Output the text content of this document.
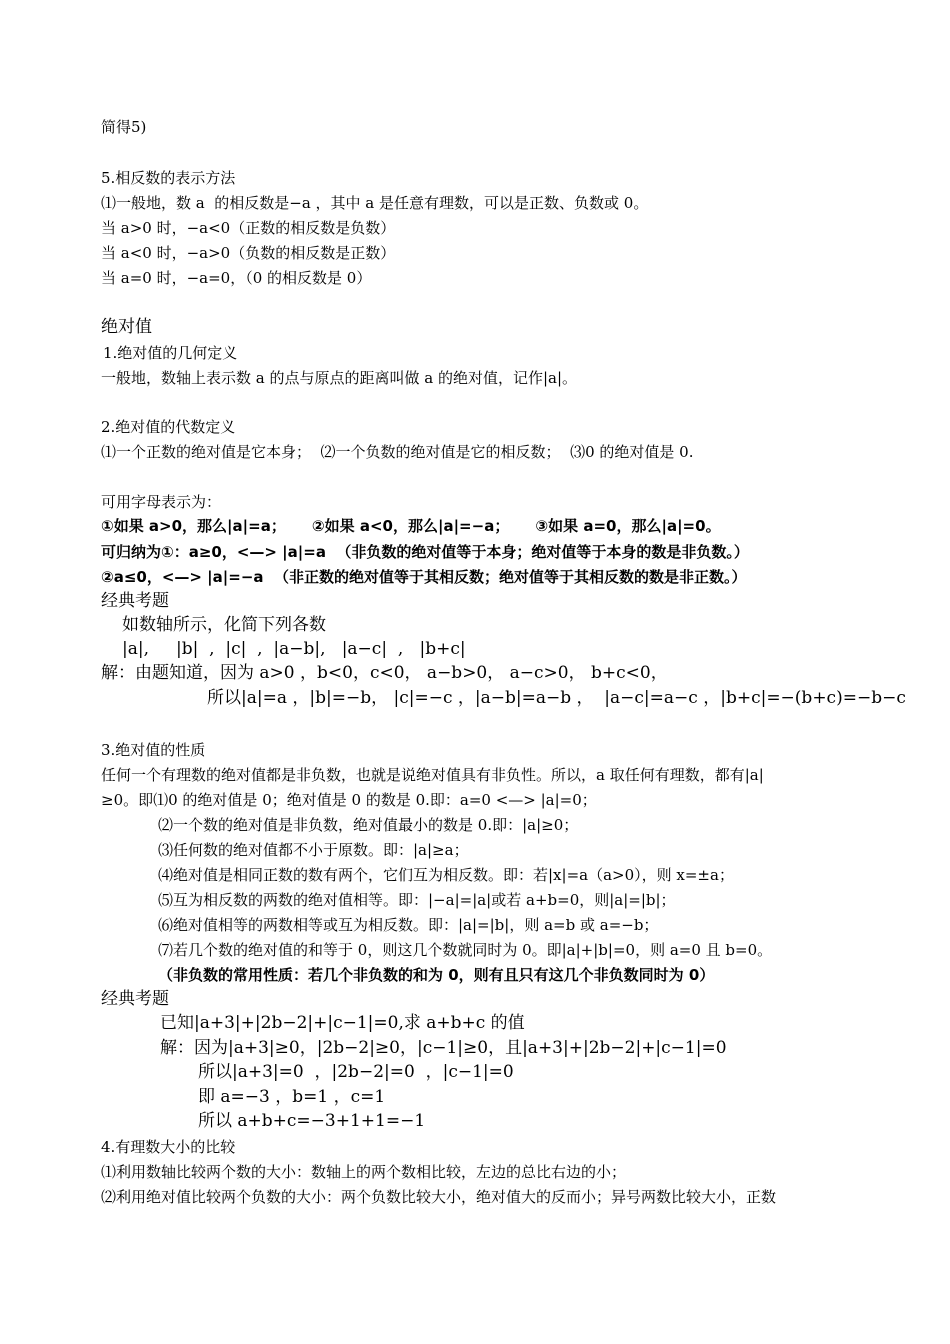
简得5)
5.相反数的表示方法
⑴一般地，数 a  的相反数是−a ，其中 a 是任意有理数，可以是正数、负数或 0。
当 a>0 时，−a<0（正数的相反数是负数）
当 a<0 时，−a>0（负数的相反数是正数）
当 a=0 时，−a=0，（0 的相反数是 0）
绝对值
1.绝对值的几何定义
一般地，数轴上表示数 a 的点与原点的距离叫做 a 的绝对值，记作|a|。
2.绝对值的代数定义
⑴一个正数的绝对值是它本身；  ⑵一个负数的绝对值是它的相反数；  ⑶0 的绝对值是 0.
可用字母表示为：
①如果 a>0，那么|a|=a；     ②如果 a<0，那么|a|=−a；     ③如果 a=0，那么|a|=0。
可归纳为①：a≥0，<—> |a|=a  （非负数的绝对值等于本身；绝对值等于本身的数是非负数。）
②a≤0，<—> |a|=−a  （非正数的绝对值等于其相反数；绝对值等于其相反数的数是非正数。）
经典考题
如数轴所示，化简下列各数
|a|,     |b|  ,  |c|  ,  |a−b|,   |a−c|  ,   |b+c|
解：由题知道，因为 a>0 ，b<0，c<0， a−b>0， a−c>0， b+c<0，
所以|a|=a ，|b|=−b， |c|=−c ，|a−b|=a−b ，  |a−c|=a−c ，|b+c|=−(b+c)=−b−c
3.绝对值的性质
任何一个有理数的绝对值都是非负数，也就是说绝对值具有非负性。所以，a 取任何有理数，都有|a|
≥0。即⑴0 的绝对值是 0；绝对值是 0 的数是 0.即：a=0 <—> |a|=0；
⑵一个数的绝对值是非负数，绝对值最小的数是 0.即：|a|≥0；
⑶任何数的绝对值都不小于原数。即：|a|≥a；
⑷绝对值是相同正数的数有两个，它们互为相反数。即：若|x|=a（a>0），则 x=±a；
⑸互为相反数的两数的绝对值相等。即：|−a|=|a|或若 a+b=0，则|a|=|b|；
⑹绝对值相等的两数相等或互为相反数。即：|a|=|b|，则 a=b 或 a=−b；
⑺若几个数的绝对值的和等于 0，则这几个数就同时为 0。即|a|+|b|=0，则 a=0 且 b=0。
（非负数的常用性质：若几个非负数的和为 0，则有且只有这几个非负数同时为 0）
经典考题
已知|a+3|+|2b−2|+|c−1|=0,求 a+b+c 的值
解：因为|a+3|≥0，|2b−2|≥0，|c−1|≥0，且|a+3|+|2b−2|+|c−1|=0
所以|a+3|=0  ，|2b−2|=0  ，|c−1|=0
即 a=−3 ，b=1 ，c=1
所以 a+b+c=−3+1+1=−1
4.有理数大小的比较
⑴利用数轴比较两个数的大小：数轴上的两个数相比较，左边的总比右边的小；
⑵利用绝对值比较两个负数的大小：两个负数比较大小，绝对值大的反而小；异号两数比较大小，正数
